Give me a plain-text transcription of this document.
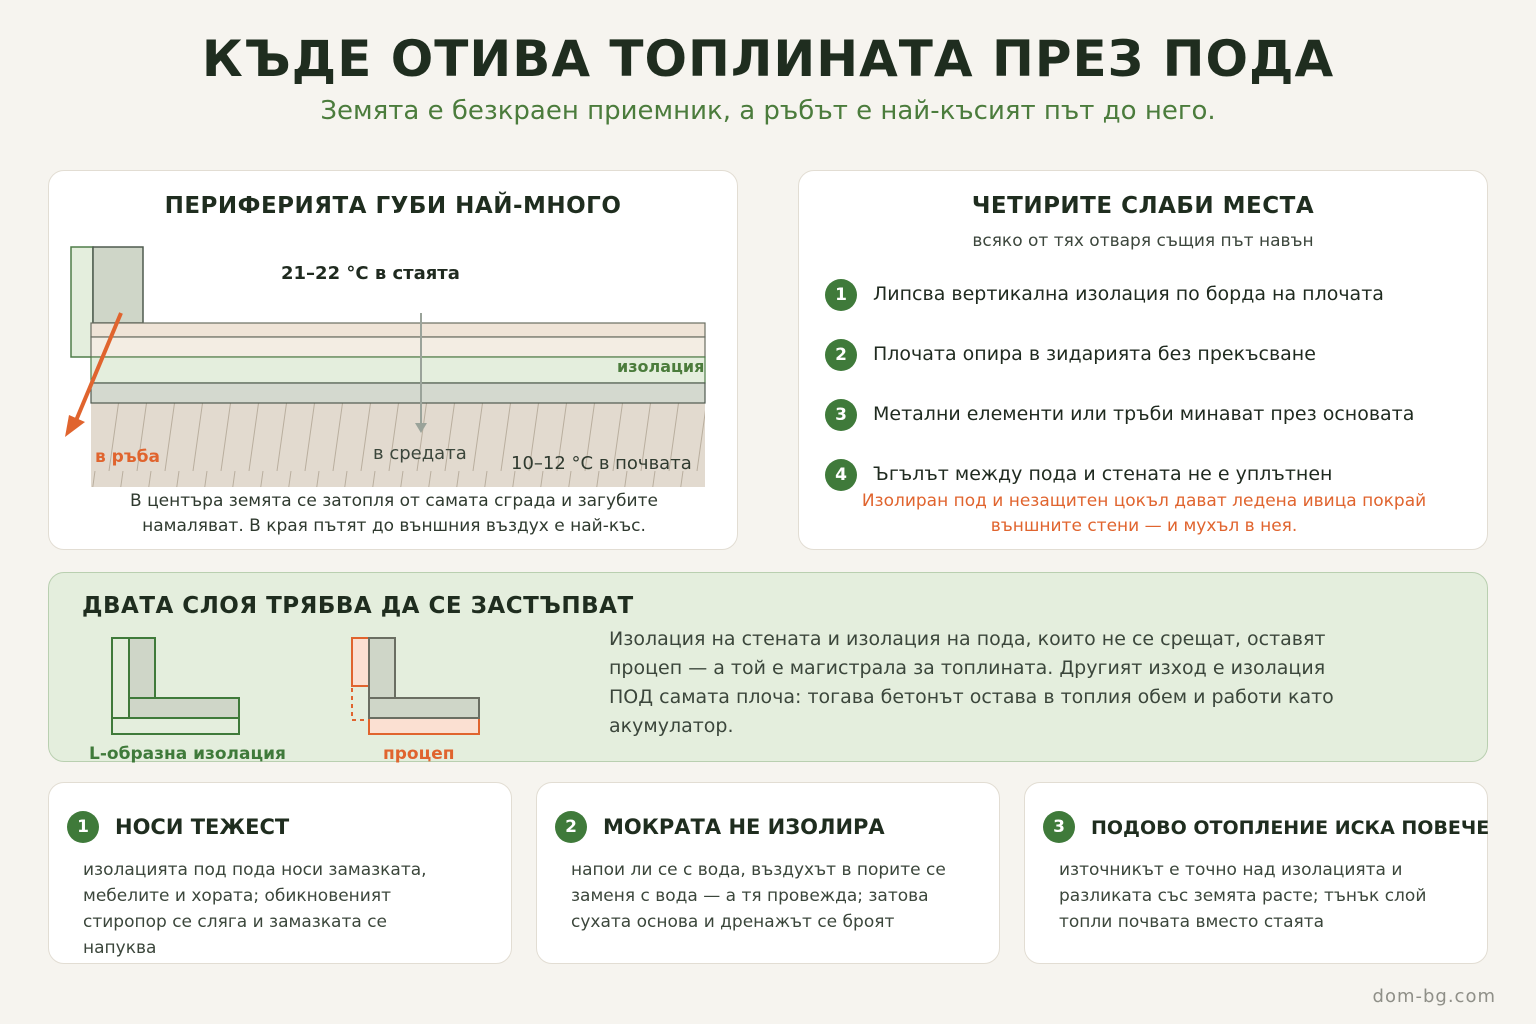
КЪДЕ ОТИВА ТОПЛИНАТА ПРЕЗ ПОДА
Земята е безкраен приемник, а ръбът е най-късият път до него.
ПЕРИФЕРИЯТА ГУБИ НАЙ-МНОГО
21–22 °C в стаята
изолация
в ръба	в средата 10–12 °C в почвата
В центъра земята се затопля от самата сграда и загубите намаляват. В края пътят до външния въздух е най-къс.
ЧЕТИРИТЕ СЛАБИ МЕСТА
всяко от тях отваря същия път навън
1	Липсва вертикална изолация по борда на плочата
2	Плочата опира в зидарията без прекъсване
3	Метални елементи или тръби минават през основата
4	Ъгълът между пода и стената не е уплътнен
Изолиран под и незащитен цокъл дават ледена ивица покрай външните стени — и мухъл в нея.
ДВАТА СЛОЯ ТРЯБВА ДА СЕ ЗАСТЪПВАТ
L-образна изолация	процеп
Изолация на стената и изолация на пода, които не се срещат, оставят процеп — а той е магистрала за топлината. Другият изход е изолация ПОД самата плоча: тогава бетонът остава в топлия обем и работи като акумулатор.
1	НОСИ ТЕЖЕСТ
изолацията под пода носи замазката, мебелите и хората; обикновеният стиропор се сляга и замазката се напуква
2	МОКРАТА НЕ ИЗОЛИРА
напои ли се с вода, въздухът в порите се заменя с вода — а тя провежда; затова сухата основа и дренажът се броят
3	ПОДОВО ОТОПЛЕНИЕ ИСКА ПОВЕЧЕ
източникът е точно над изолацията и разликата със земята расте; тънък слой топли почвата вместо стаята
dom-bg.com
